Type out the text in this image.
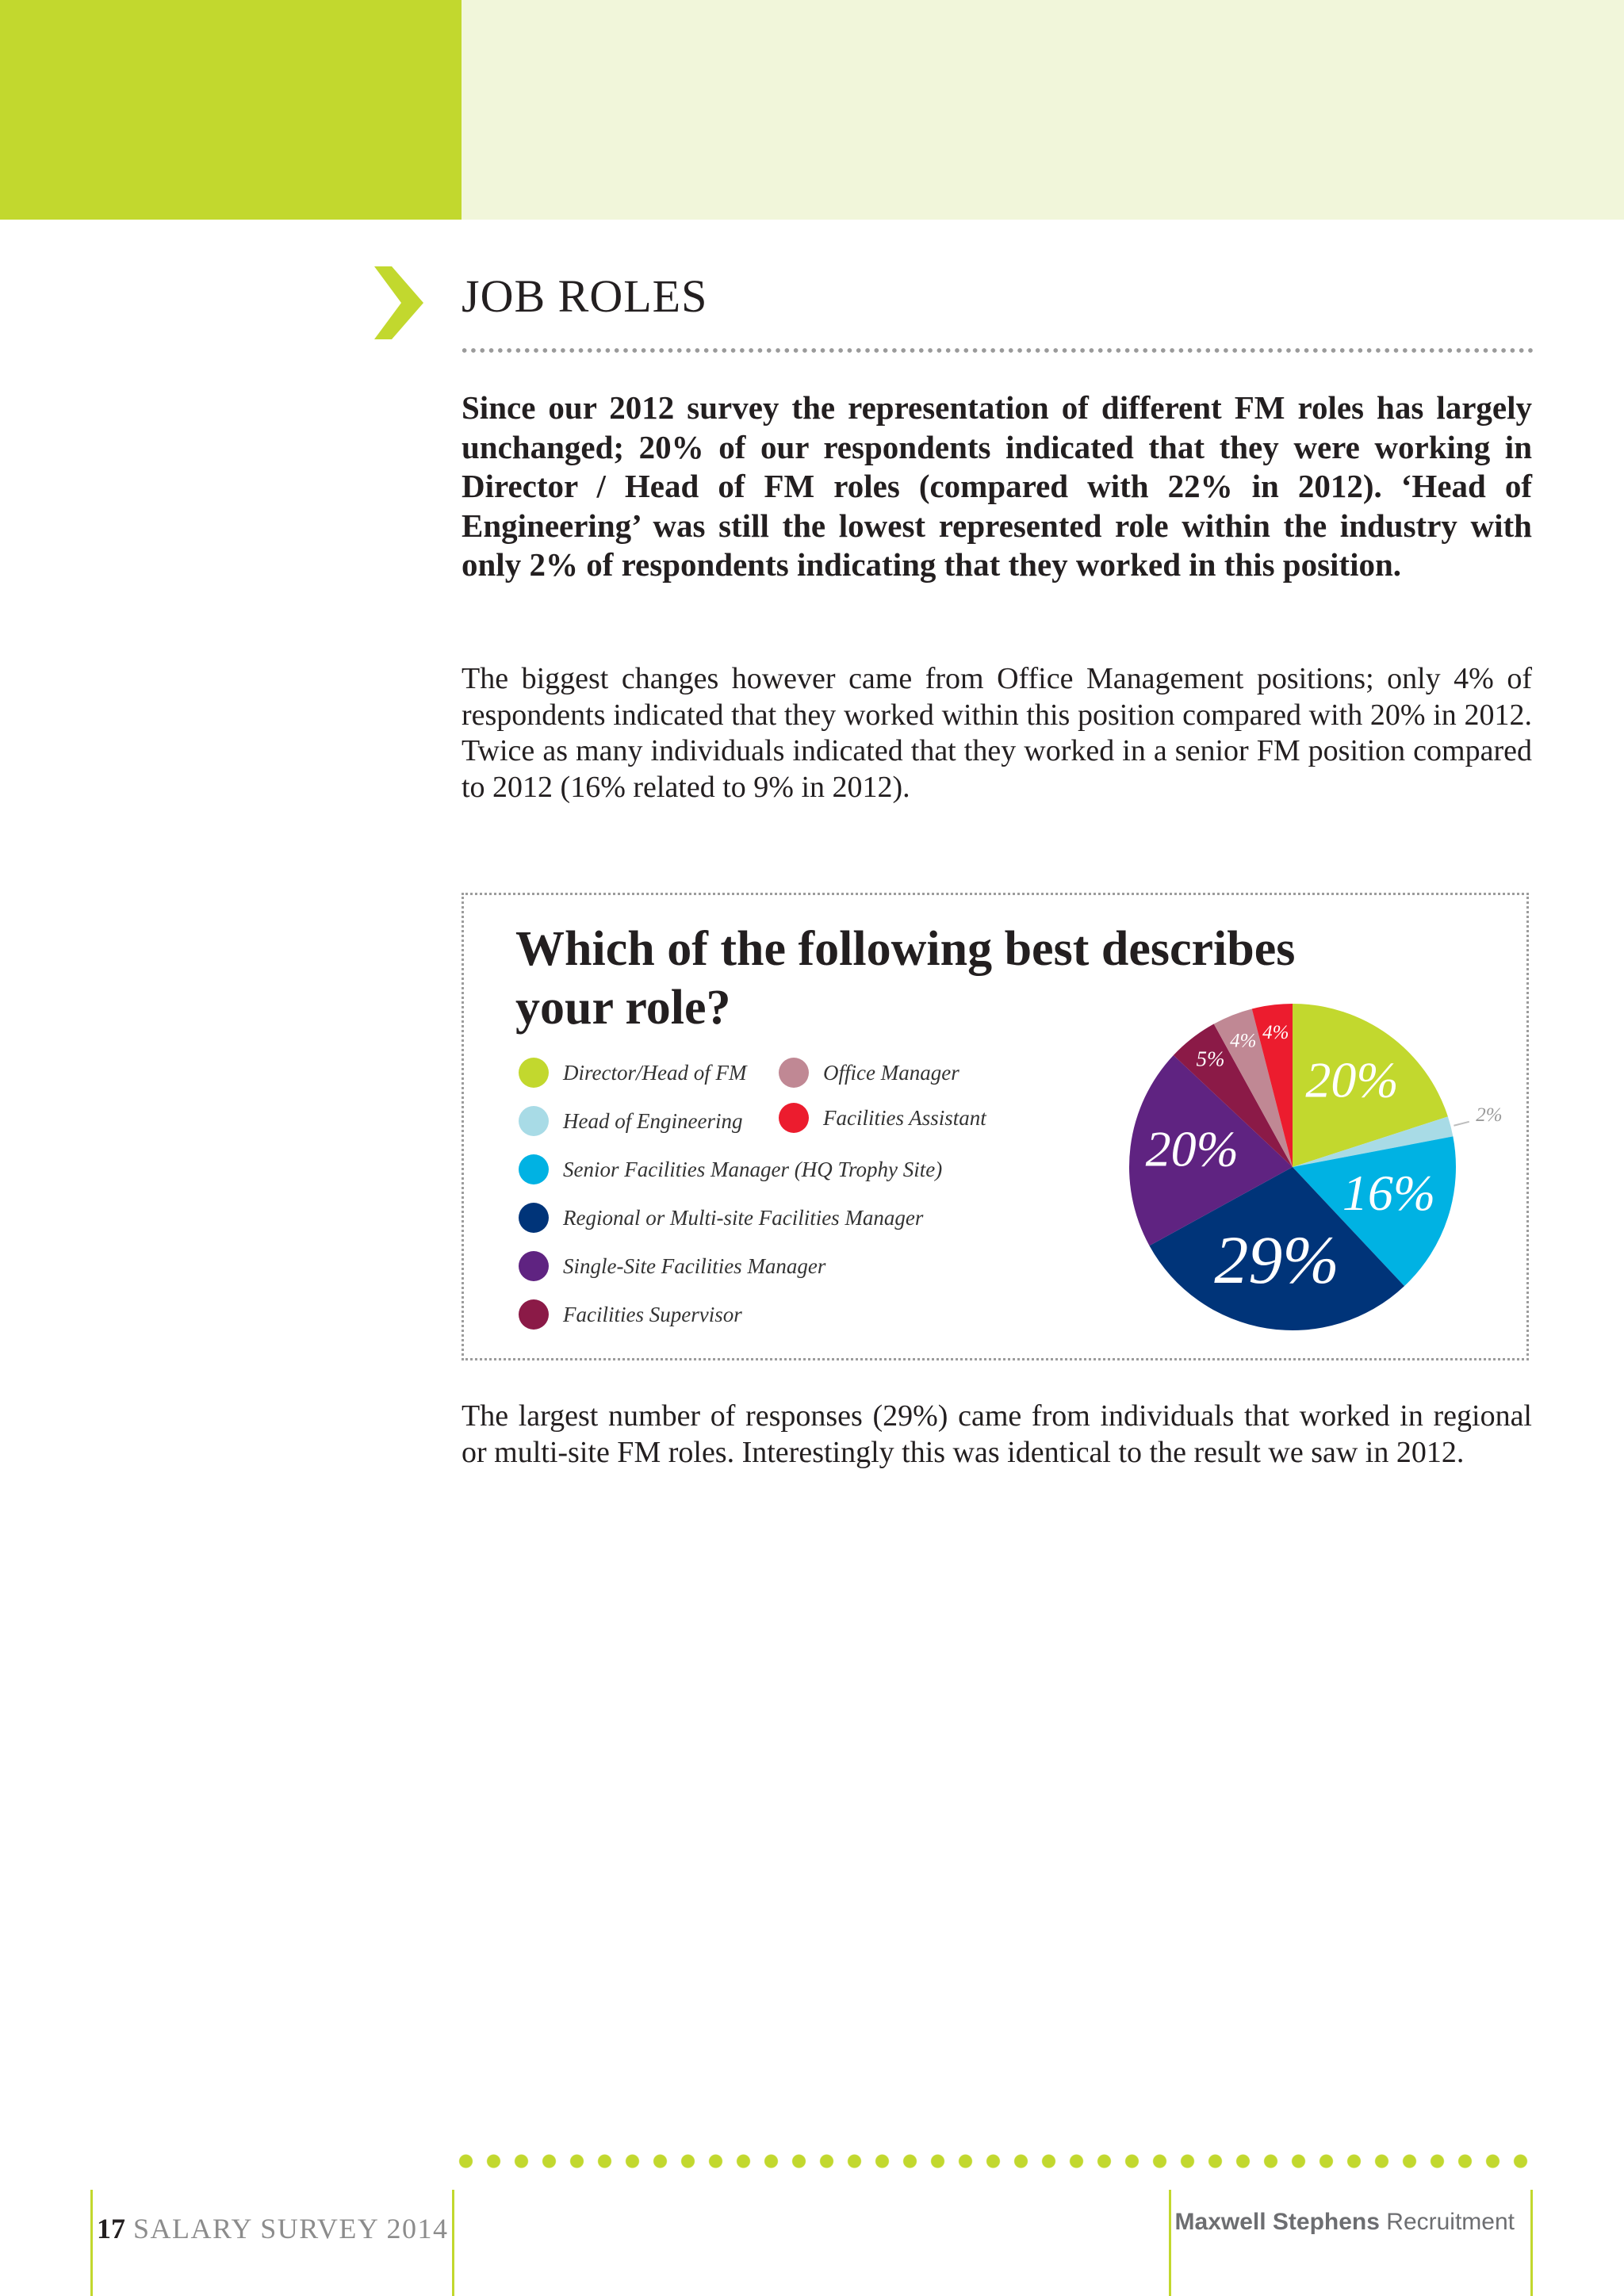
JOB ROLES

Since our 2012 survey the representation of different FM roles has largely unchanged; 20% of our respondents indicated that they were working in Director / Head of FM roles (compared with 22% in 2012). ‘Head of Engineering’ was still the lowest represented role within the industry with only 2% of respondents indicating that they worked in this position.

The biggest changes however came from Office Management positions; only 4% of respondents indicated that they worked within this position compared with 20% in 2012. Twice as many individuals indicated that they worked in a senior FM position compared to 2012 (16% related to 9% in 2012).

Which of the following best describes your role?
Director/Head of FM
Head of Engineering
Senior Facilities Manager (HQ Trophy Site)
Regional or Multi-site Facilities Manager
Single-Site Facilities Manager
Facilities Supervisor
Office Manager
Facilities Assistant
20%
2%
16%
29%
20%
5%
4% 4%

The largest number of responses (29%) came from individuals that worked in regional or multi-site FM roles. Interestingly this was identical to the result we saw in 2012.

17 SALARY SURVEY 2014	Maxwell Stephens Recruitment
